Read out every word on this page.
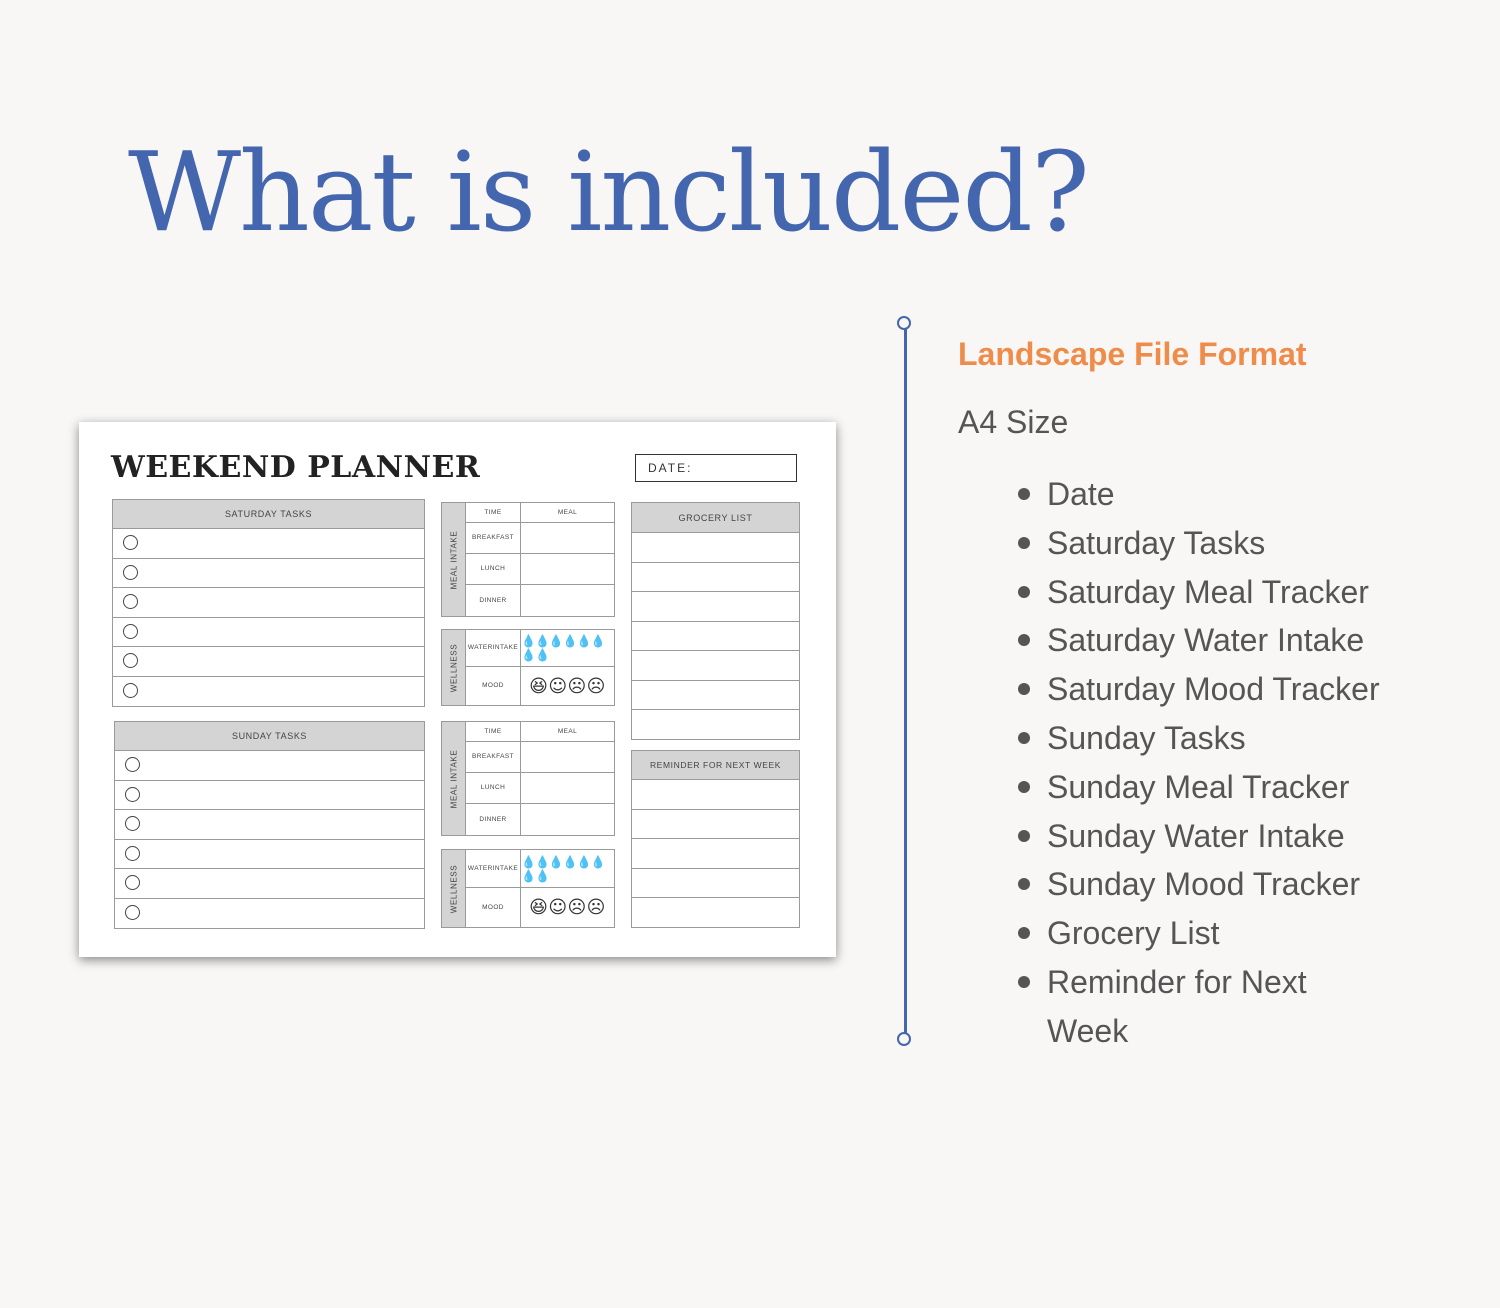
What is included?
WEEKEND PLANNER	DATE:
SATURDAY TASKS
SUNDAY TASKS
MEAL INTAKE
TIME	MEAL
BREAKFAST
LUNCH
DINNER
WELLNESS WATER INTAKE 💧💧💧💧💧💧💧💧
MOOD	😆☺☹☹
MEAL INTAKE
TIME	MEAL
BREAKFAST
LUNCH
DINNER
WELLNESS WATER INTAKE 💧💧💧💧💧💧💧💧
MOOD	😆☺☹☹
GROCERY LIST
REMINDER FOR NEXT WEEK

Landscape File Format

A4 Size

Date
Saturday Tasks
Saturday Meal Tracker
Saturday Water Intake
Saturday Mood Tracker
Sunday Tasks
Sunday Meal Tracker
Sunday Water Intake
Sunday Mood Tracker
Grocery List
Reminder for Next Week
